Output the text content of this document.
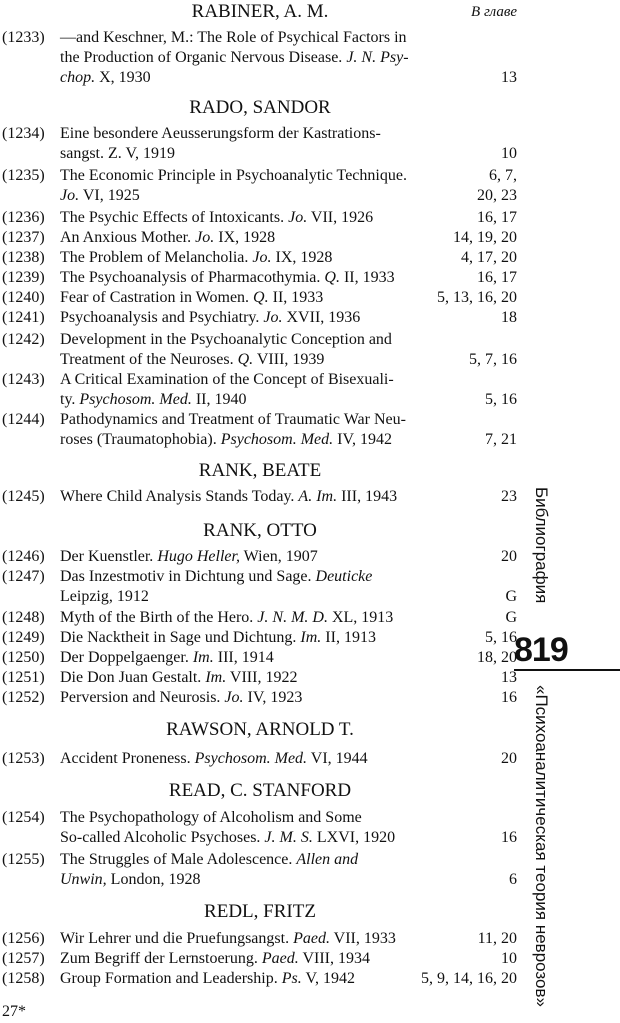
В главе
RABINER, A. M.
(1233) —and Keschner, M.: The Role of Psychical Factors in
the Production of Organic Nervous Disease. J. N. Psy-
chop. X, 1930	13
RADO, SANDOR
(1234) Eine besondere Aeusserungsform der Kastrations-
sangst. Z. V, 1919	10
(1235) The Economic Principle in Psychoanalytic Technique.	6, 7,
Jo. VI, 1925	20, 23
(1236) The Psychic Effects of Intoxicants. Jo. VII, 1926	16, 17
(1237) An Anxious Mother. Jo. IX, 1928	14, 19, 20
(1238) The Problem of Melancholia. Jo. IX, 1928	4, 17, 20
(1239) The Psychoanalysis of Pharmacothymia. Q. II, 1933	16, 17
(1240) Fear of Castration in Women. Q. II, 1933	5, 13, 16, 20
(1241) Psychoanalysis and Psychiatry. Jo. XVII, 1936	18
(1242) Development in the Psychoanalytic Conception and
Treatment of the Neuroses. Q. VIII, 1939	5, 7, 16
(1243) A Critical Examination of the Concept of Bisexuali-
ty. Psychosom. Med. II, 1940	5, 16
(1244) Pathodynamics and Treatment of Traumatic War Neu-
roses (Traumatophobia). Psychosom. Med. IV, 1942	7, 21
RANK, BEATE
(1245) Where Child Analysis Stands Today. A. Im. III, 1943	23
RANK, OTTO
(1246) Der Kuenstler. Hugo Heller, Wien, 1907	20
(1247) Das Inzestmotiv in Dichtung und Sage. Deuticke
Leipzig, 1912	G
(1248) Myth of the Birth of the Hero. J. N. M. D. XL, 1913	G
(1249) Die Nacktheit in Sage und Dichtung. Im. II, 1913	5, 16
(1250) Der Doppelgaenger. Im. III, 1914	18, 20
(1251) Die Don Juan Gestalt. Im. VIII, 1922	13
(1252) Perversion and Neurosis. Jo. IV, 1923	16
RAWSON, ARNOLD T.
(1253) Accident Proneness. Psychosom. Med. VI, 1944	20
READ, C. STANFORD
(1254) The Psychopathology of Alcoholism and Some
So-called Alcoholic Psychoses. J. M. S. LXVI, 1920	16
(1255) The Struggles of Male Adolescence. Allen and
Unwin, London, 1928	6
REDL, FRITZ
(1256) Wir Lehrer und die Pruefungsangst. Paed. VII, 1933	11, 20
(1257) Zum Begriff der Lernstoerung. Paed. VIII, 1934	10
(1258) Group Formation and Leadership. Ps. V, 1942	5, 9, 14, 16, 20
Библиография
819
«Психоаналитическая теория неврозов»
27*
